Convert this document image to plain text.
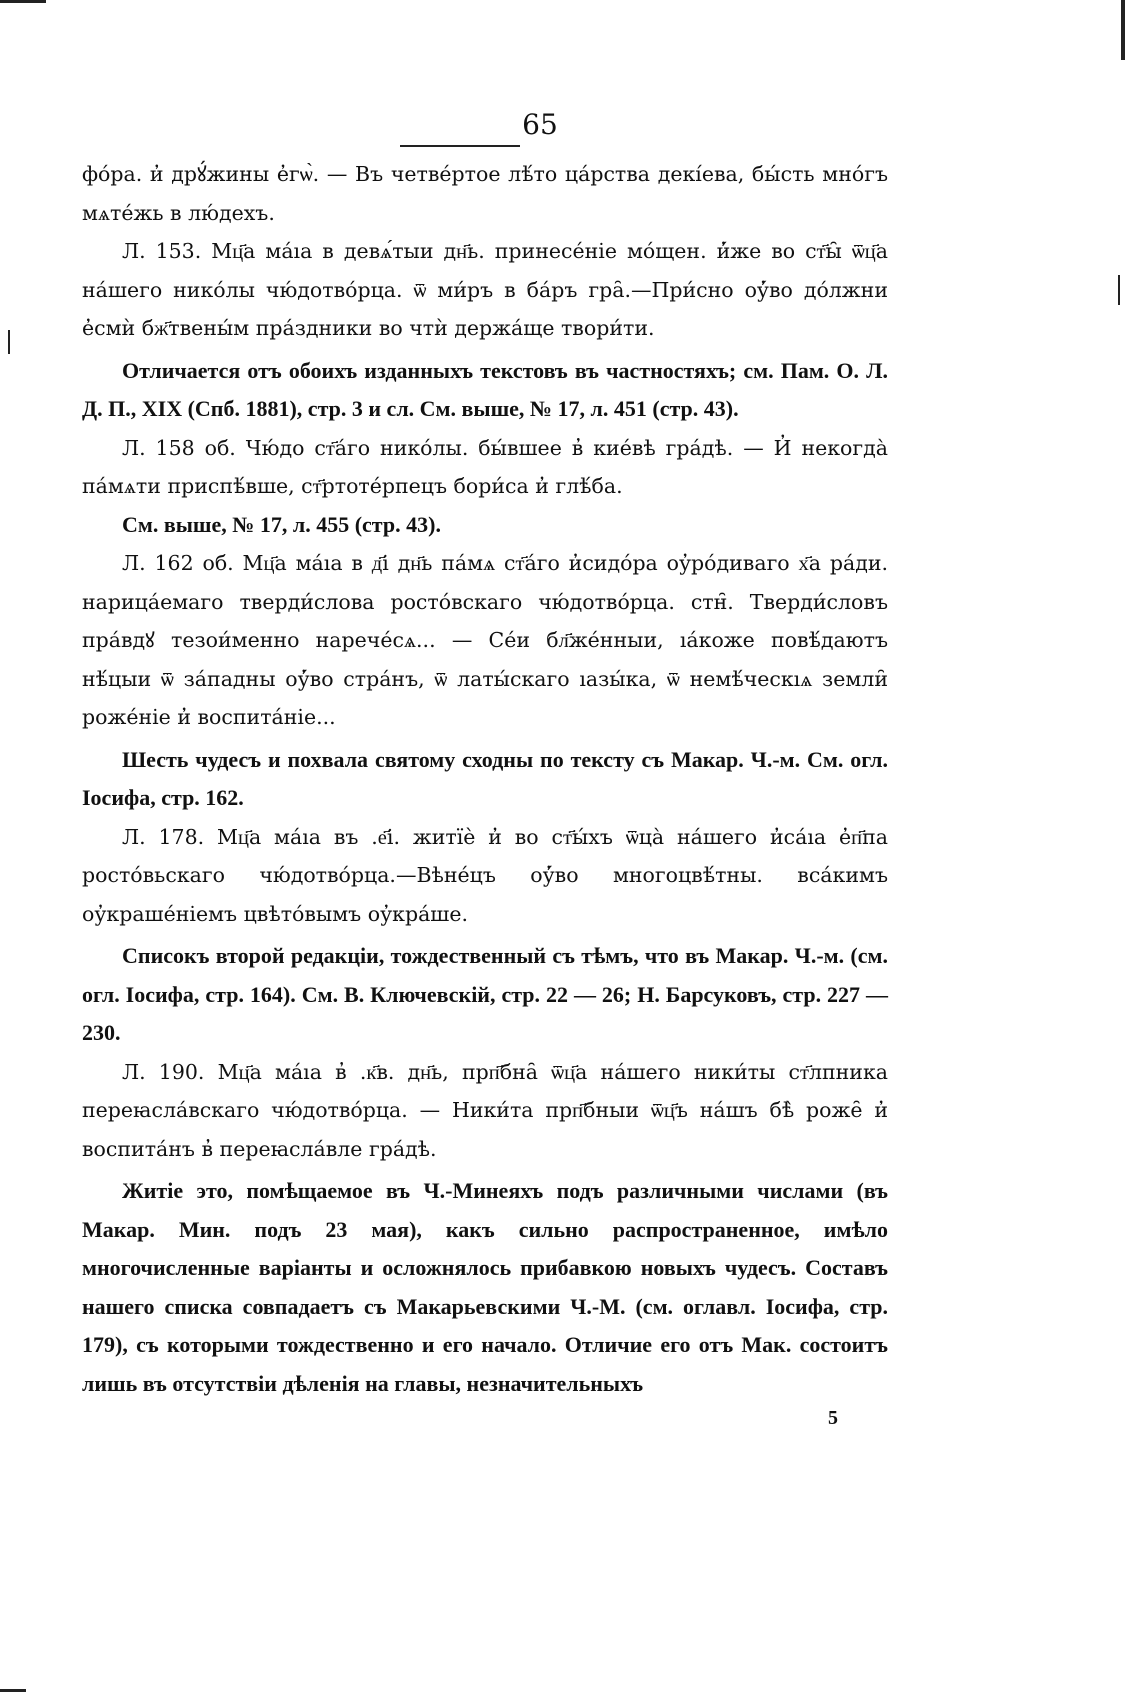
65

фо́ра. и̓ дрꙋ́жины е̓гѡ̀. — Въ четве́ртое лѣ́то ца́рства декі́ева, бы́сть мно́гъ мѧте́жь в лю́дехъ.

Л. 153. Мц҃а ма́ıа в девѧ́тыи дн҃ь. принесе́ніе мо́щен. и̓́же во ст҃ы̑ ѿц҃а на́шего нико́лы чю́дотво́рца. ѿ ми́ръ в ба́ръ гра̑.—При́сно оу̓́во до́лжни е̓смѝ бж҃твены́м пра́здники во чтѝ держа́ще твори́ти.

Отличается отъ обоихъ изданныхъ текстовъ въ частностяхъ; см. Пам. О. Л. Д. П., XIX (Спб. 1881), стр. 3 и сл. См. выше, № 17, л. 451 (стр. 43).

Л. 158 об. Чю́до ст҃а́го нико́лы. бы́вшее в̓ кие́вѣ гра́дѣ. — И̓ некогда̀ па́мѧти приспѣ́вше, ст҃ртоте́рпецъ бори́са и̓ глѣ́ба.

См. выше, № 17, л. 455 (стр. 43).

Л. 162 об. Мц҃а ма́ıа в д҃і дн҃ь па́мѧ ст҃а́го и̓сидо́ра оу̓ро́диваго х҃а ра́ди. нарица́емаго тверди́слова росто́вскаго чю́дотво́рца. стн̑. Тверди́словъ пра́вдꙋ тезои́менно нарече́сѧ... — Се́и бл҃же́нныи, ıа́коже повѣ́даютъ нѣ́цыи ѿ за́падны оу̓́во стра́нъ, ѿ латы́скаго ıазы́ка, ѿ немѣ́ческıѧ земли̑ роже́ніе и̓ воспита́ніе...

Шесть чудесъ и похвала святому сходны по тексту съ Макар. Ч.-м. См. огл. Іосифа, стр. 162.

Л. 178. Мц҃а ма́ıа въ .е҃і. житїѐ и̓ во ст҃ы́хъ ѿца̀ на́шего и̓са́ıа е̓п҃па росто́вьскаго чю́дотво́рца.—Вѣне́цъ оу̓́во многоцвѣ́тны. вса́кимъ оу̓краше́ніемъ цвѣто́вымъ оу̓кра́ше.

Списокъ второй редакціи, тождественный съ тѣмъ, что въ Макар. Ч.-м. (см. огл. Іосифа, стр. 164). См. В. Ключевскій, стр. 22 — 26; Н. Барсуковъ, стр. 227 — 230.

Л. 190. Мц҃а ма́ıа в̓ .к҃в. дн҃ь, прп҃бна̑ ѿц҃а на́шего ники́ты ст҃лпника переꙗсла́вскаго чю́дотво́рца. — Ники́та прп҃бныи ѿц҃ъ на́шъ бѣ̀ роже̑ и̓ воспита́нъ в̓ переꙗсла́вле гра́дѣ.

Житіе это, помѣщаемое въ Ч.-Минеяхъ подъ различными числами (въ Макар. Мин. подъ 23 мая), какъ сильно распространенное, имѣло многочисленные варіанты и осложнялось прибавкою новыхъ чудесъ. Составъ нашего списка совпадаетъ съ Макарьевскими Ч.-М. (см. оглавл. Іосифа, стр. 179), съ которыми тождественно и его начало. Отличие его отъ Мак. состоитъ лишь въ отсутствіи дѣленія на главы, незначительныхъ

5
